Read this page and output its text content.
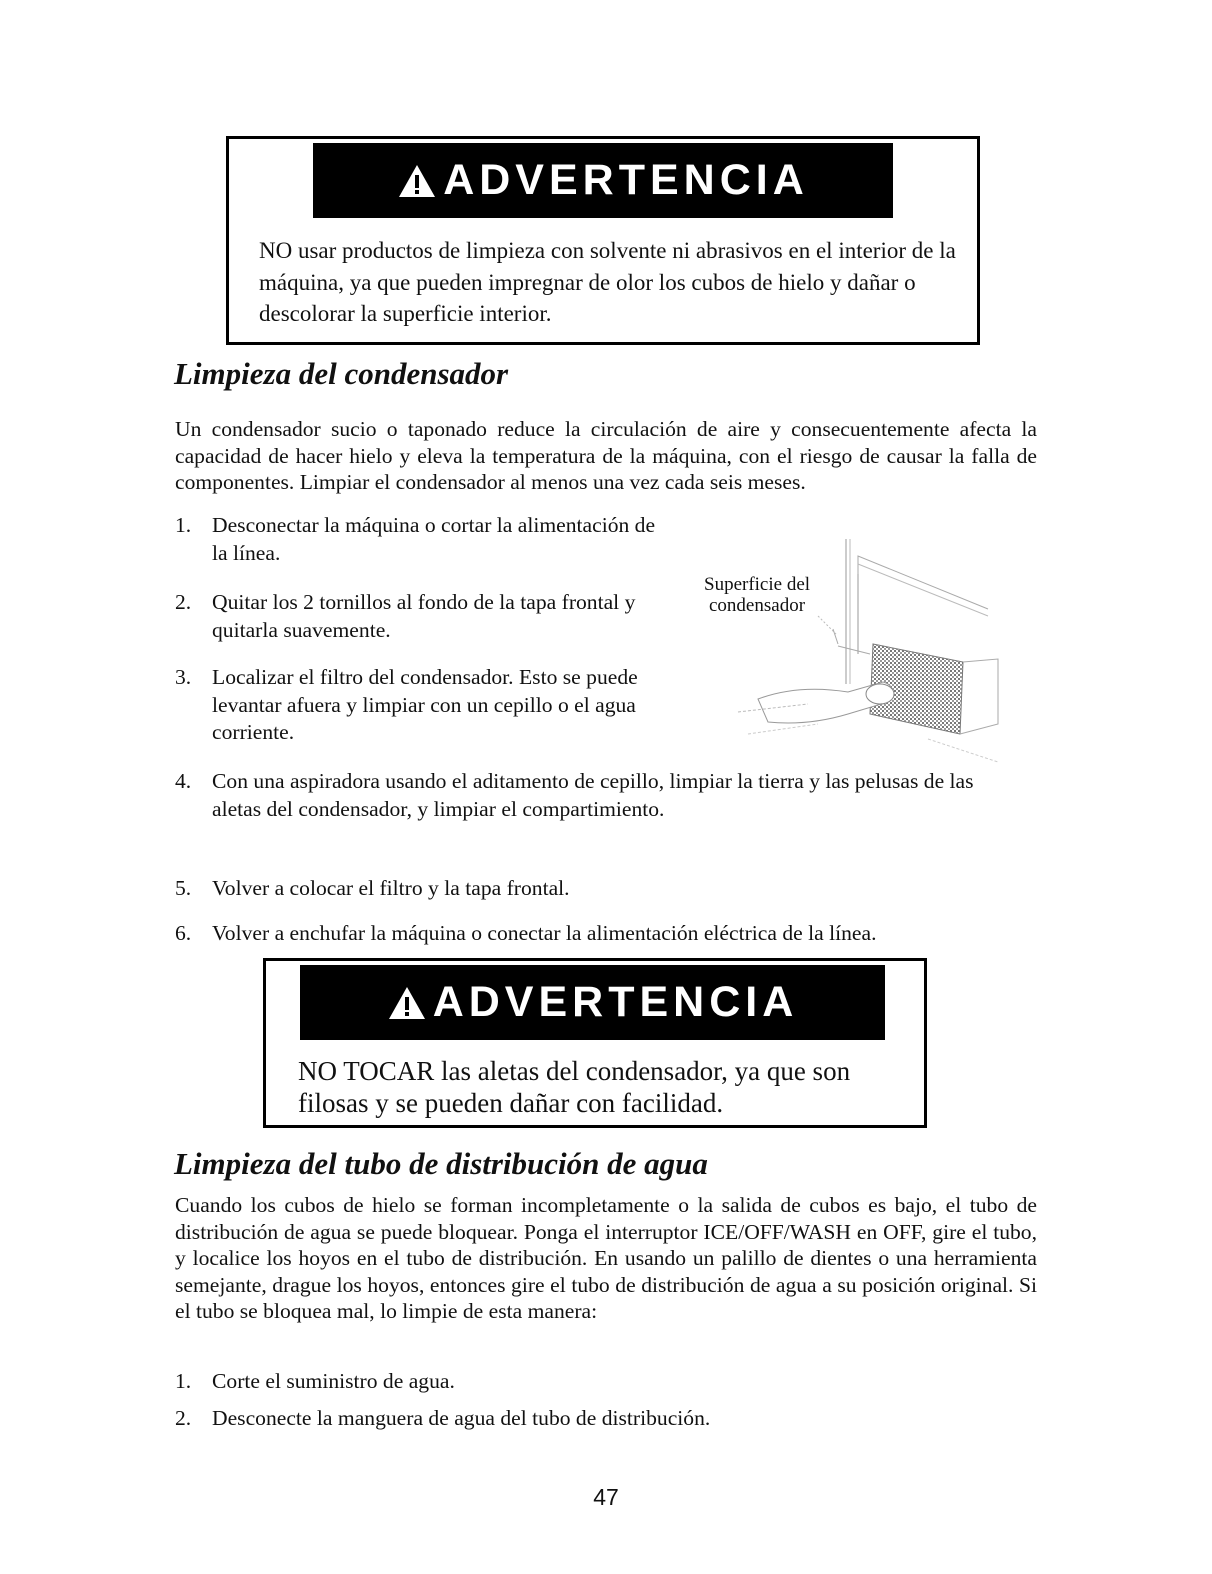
ADVERTENCIA
NO usar productos de limpieza con solvente ni abrasivos en el interior de la máquina, ya que pueden impregnar de olor los cubos de hielo y dañar o descolorar la superficie interior.
Limpieza del condensador

Un condensador sucio o taponado reduce la circulación de aire y consecuentemente afecta la capacidad de hacer hielo y eleva la temperatura de la máquina, con el riesgo de causar la falla de componentes. Limpiar el condensador al menos una vez cada seis meses.

1. Desconectar la máquina o cortar la alimentación de la línea.
2. Quitar los 2 tornillos al fondo de la tapa frontal y quitarla suavemente.
3. Localizar el filtro del condensador. Esto se puede levantar afuera y limpiar con un cepillo o el agua corriente.
4. Con una aspiradora usando el aditamento de cepillo, limpiar la tierra y las pelusas de las aletas del condensador, y limpiar el compartimiento.
5. Volver a colocar el filtro y la tapa frontal.
6. Volver a enchufar la máquina o conectar la alimentación eléctrica de la línea.
Superficie del
condensador
ADVERTENCIA
NO TOCAR las aletas del condensador, ya que son filosas y se pueden dañar con facilidad.
Limpieza del tubo de distribución de agua

Cuando los cubos de hielo se forman incompletamente o la salida de cubos es bajo, el tubo de distribución de agua se puede bloquear. Ponga el interruptor ICE/OFF/WASH en OFF, gire el tubo, y localice los hoyos en el tubo de distribución. En usando un palillo de dientes o una herramienta semejante, drague los hoyos, entonces gire el tubo de distribución de agua a su posición original. Si el tubo se bloquea mal, lo limpie de esta manera:

1. Corte el suministro de agua.
2. Desconecte la manguera de agua del tubo de distribución.
47
